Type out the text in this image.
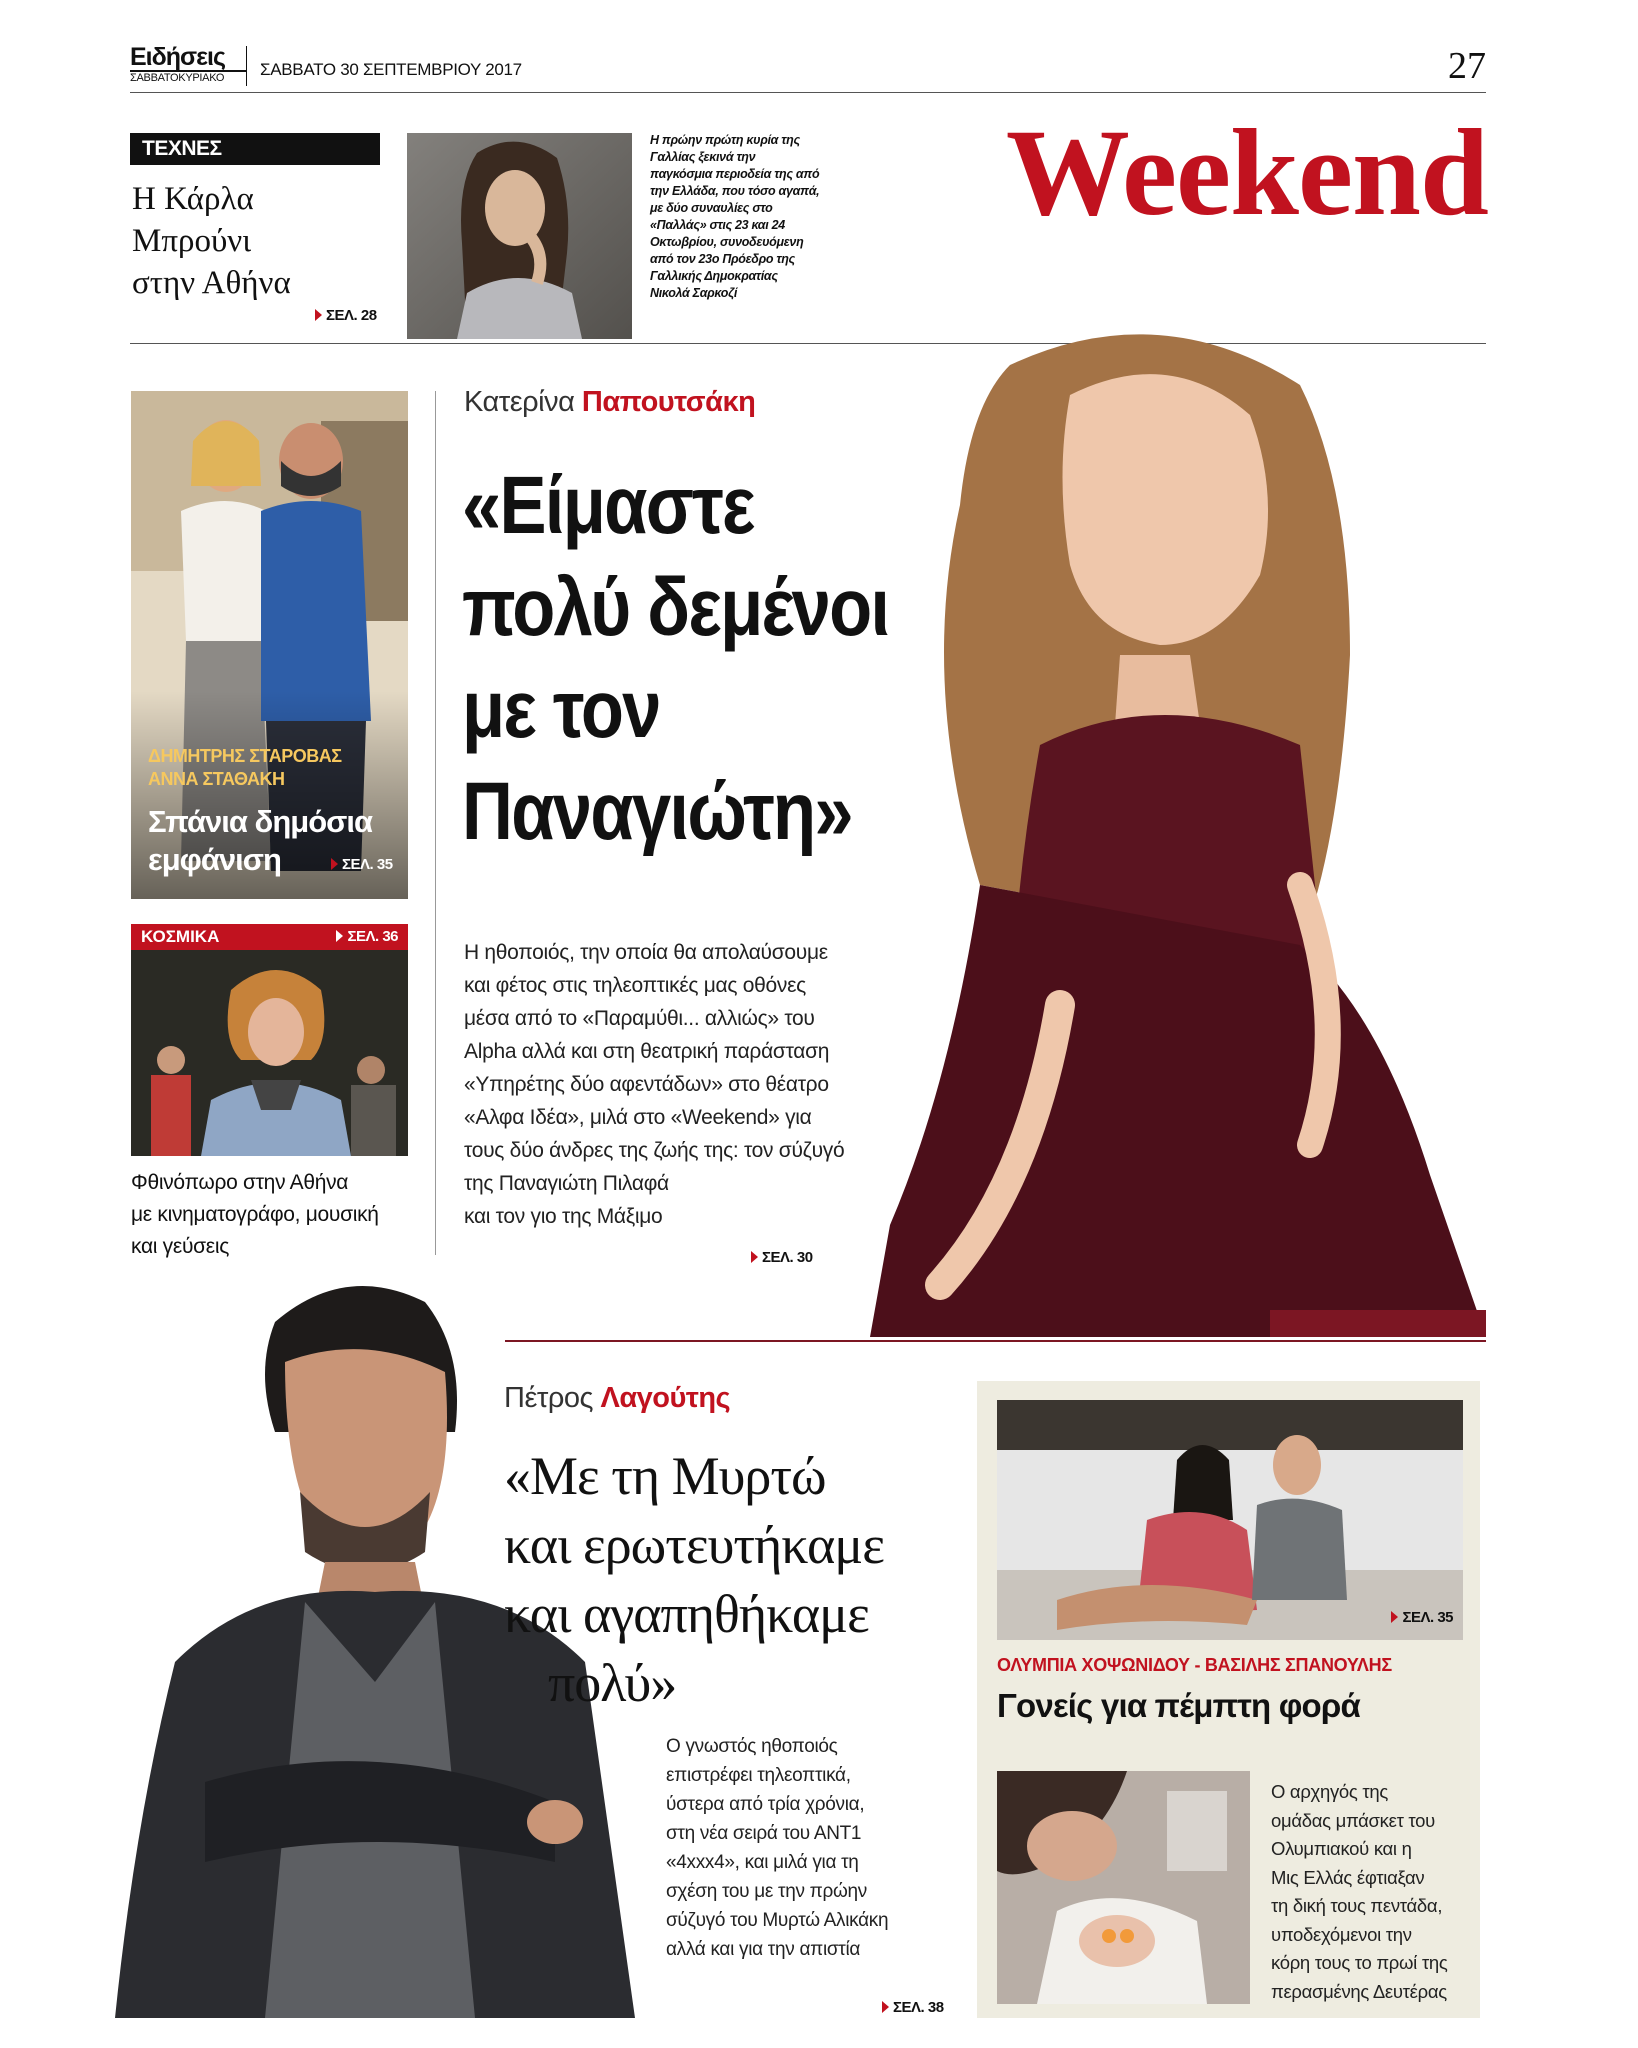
Ειδήσεις
ΣΑΒΒΑΤΟΚΥΡΙΑΚΟ	ΣΑΒΒΑΤΟ 30 ΣΕΠΤΕΜΒΡΙΟΥ 2017	27
ΤΕΧΝΕΣ
Η Κάρλα
Μπρούνι
στην Αθήνα
ΣΕΛ. 28
Η πρώην πρώτη κυρία της Γαλλίας ξεκινά την παγκόσμια περιοδεία της από την Ελλάδα, που τόσο αγαπά, με δύο συναυλίες στο «Παλλάς» στις 23 και 24 Οκτωβρίου, συνοδευόμενη από τον 23ο Πρόεδρο της Γαλλικής Δημοκρατίας Νικολά Σαρκοζί
Weekend
ΔΗΜΗΤΡΗΣ ΣΤΑΡΟΒΑΣ
ΑΝΝΑ ΣΤΑΘΑΚΗ
Σπάνια δημόσια
εμφάνιση	ΣΕΛ. 35
ΚΟΣΜΙΚΑ	ΣΕΛ. 36
Φθινόπωρο στην Αθήνα
με κινηματογράφο, μουσική
και γεύσεις
Κατερίνα Παπουτσάκη
«Είμαστε
πολύ δεμένοι
με τον
Παναγιώτη»
Η ηθοποιός, την οποία θα απολαύσουμε
και φέτος στις τηλεοπτικές μας οθόνες
μέσα από το «Παραμύθι... αλλιώς» του
Alpha αλλά και στη θεατρική παράσταση
«Υπηρέτης δύο αφεντάδων» στο θέατρο
«Αλφα Ιδέα», μιλά στο «Weekend» για
τους δύο άνδρες της ζωής της: τον σύζυγό
της Παναγιώτη Πιλαφά
και τον γιο της Μάξιμο
ΣΕΛ. 30
Πέτρος Λαγούτης
«Με τη Μυρτώ
και ερωτευτήκαμε
και αγαπηθήκαμε
πολύ»
Ο γνωστός ηθοποιός
επιστρέφει τηλεοπτικά,
ύστερα από τρία χρόνια,
στη νέα σειρά του ΑΝΤ1
«4xxx4», και μιλά για τη
σχέση του με την πρώην
σύζυγό του Μυρτώ Αλικάκη
αλλά και για την απιστία
ΣΕΛ. 38
ΣΕΛ. 35
ΟΛΥΜΠΙΑ ΧΟΨΩΝΙΔΟΥ - ΒΑΣΙΛΗΣ ΣΠΑΝΟΥΛΗΣ
Γονείς για πέμπτη φορά
Ο αρχηγός της
ομάδας μπάσκετ του
Ολυμπιακού και η
Μις Ελλάς έφτιαξαν
τη δική τους πεντάδα,
υποδεχόμενοι την
κόρη τους το πρωί της
περασμένης Δευτέρας
